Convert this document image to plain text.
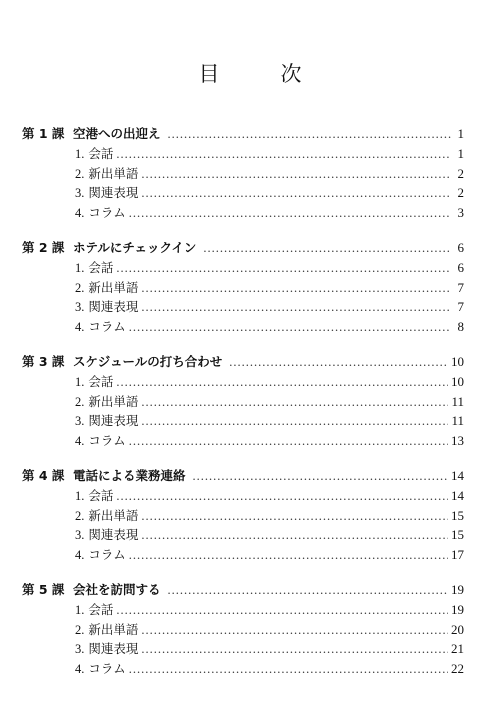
目　次
第 1 課 空港への出迎え .....	1
1. 会話 .....	1
2. 新出単語 .....	2
3. 関連表現 .....	2
4. コラム .....	3
第 2 課 ホテルにチェックイン .....	6
1. 会話 .....	6
2. 新出単語 .....	7
3. 関連表現 .....	7
4. コラム .....	8
第 3 課 スケジュールの打ち合わせ .....	10
1. 会話 .....	10
2. 新出単語 .....	11
3. 関連表現 .....	11
4. コラム .....	13
第 4 課 電話による業務連絡 .....	14
1. 会話 .....	14
2. 新出単語 .....	15
3. 関連表現 .....	15
4. コラム .....	17
第 5 課 会社を訪問する .....	19
1. 会話 .....	19
2. 新出単語 .....	20
3. 関連表現 .....	21
4. コラム .....	22
